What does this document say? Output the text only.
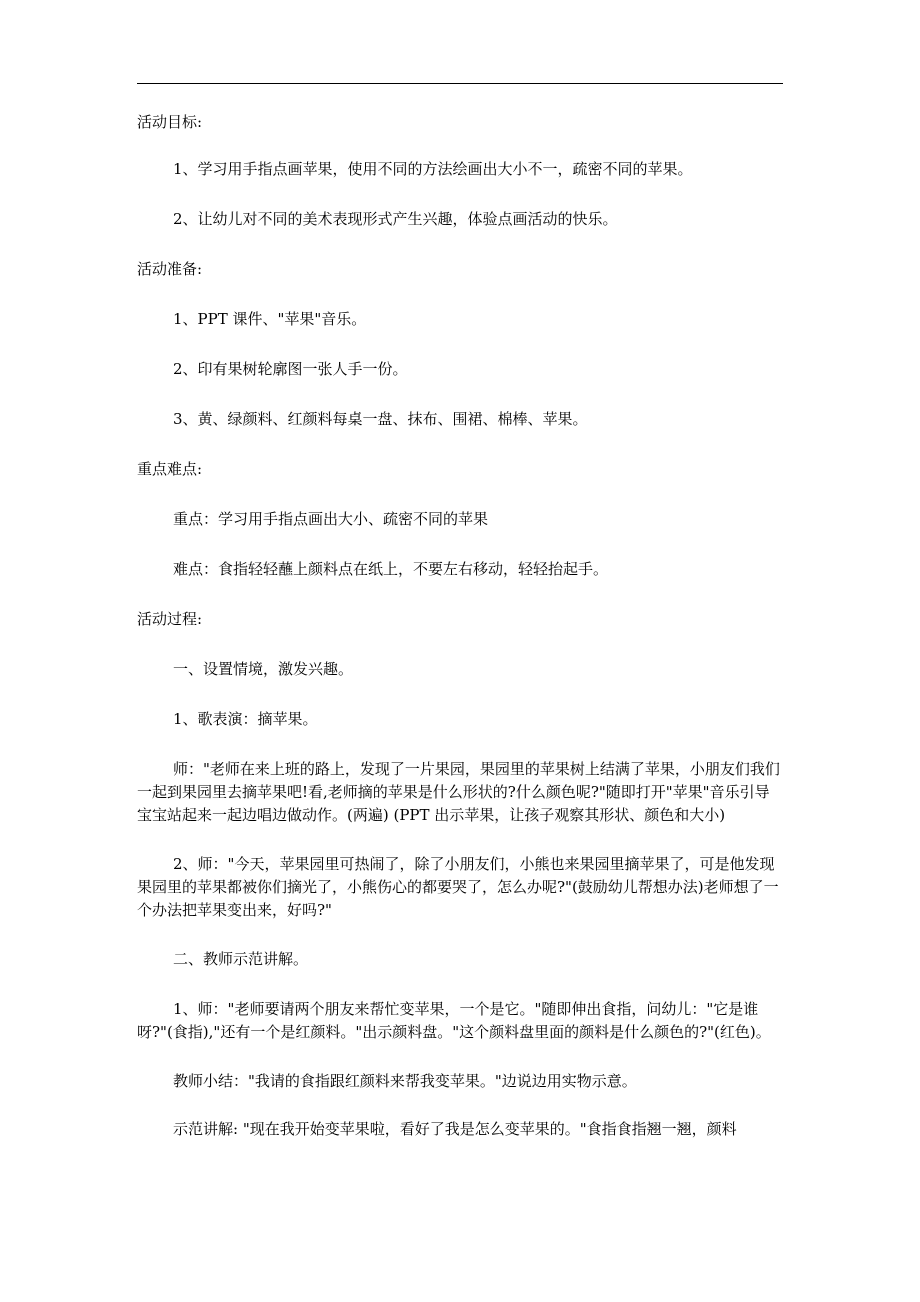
活动目标:

1、学习用手指点画苹果，使用不同的方法绘画出大小不一，疏密不同的苹果。

2、让幼儿对不同的美术表现形式产生兴趣，体验点画活动的快乐。

活动准备:

1、PPT 课件、"苹果"音乐。

2、印有果树轮廓图一张人手一份。

3、黄、绿颜料、红颜料每桌一盘、抹布、围裙、棉棒、苹果。

重点难点:

重点：学习用手指点画出大小、疏密不同的苹果

难点：食指轻轻蘸上颜料点在纸上，不要左右移动，轻轻抬起手。

活动过程:

一、设置情境，激发兴趣。

1、歌表演：摘苹果。

师："老师在来上班的路上，发现了一片果园，果园里的苹果树上结满了苹果，小朋友们我们一起到果园里去摘苹果吧!看,老师摘的苹果是什么形状的?什么颜色呢?"随即打开"苹果"音乐引导宝宝站起来一起边唱边做动作。(两遍) (PPT 出示苹果，让孩子观察其形状、颜色和大小)

2、师："今天，苹果园里可热闹了，除了小朋友们，小熊也来果园里摘苹果了，可是他发现果园里的苹果都被你们摘光了，小熊伤心的都要哭了，怎么办呢?"(鼓励幼儿帮想办法)老师想了一个办法把苹果变出来，好吗?"

二、教师示范讲解。

1、师："老师要请两个朋友来帮忙变苹果，一个是它。"随即伸出食指，问幼儿："它是谁呀?"(食指),"还有一个是红颜料。"出示颜料盘。"这个颜料盘里面的颜料是什么颜色的?"(红色)。

教师小结："我请的食指跟红颜料来帮我变苹果。"边说边用实物示意。

示范讲解: "现在我开始变苹果啦，看好了我是怎么变苹果的。"食指食指翘一翘，颜料
